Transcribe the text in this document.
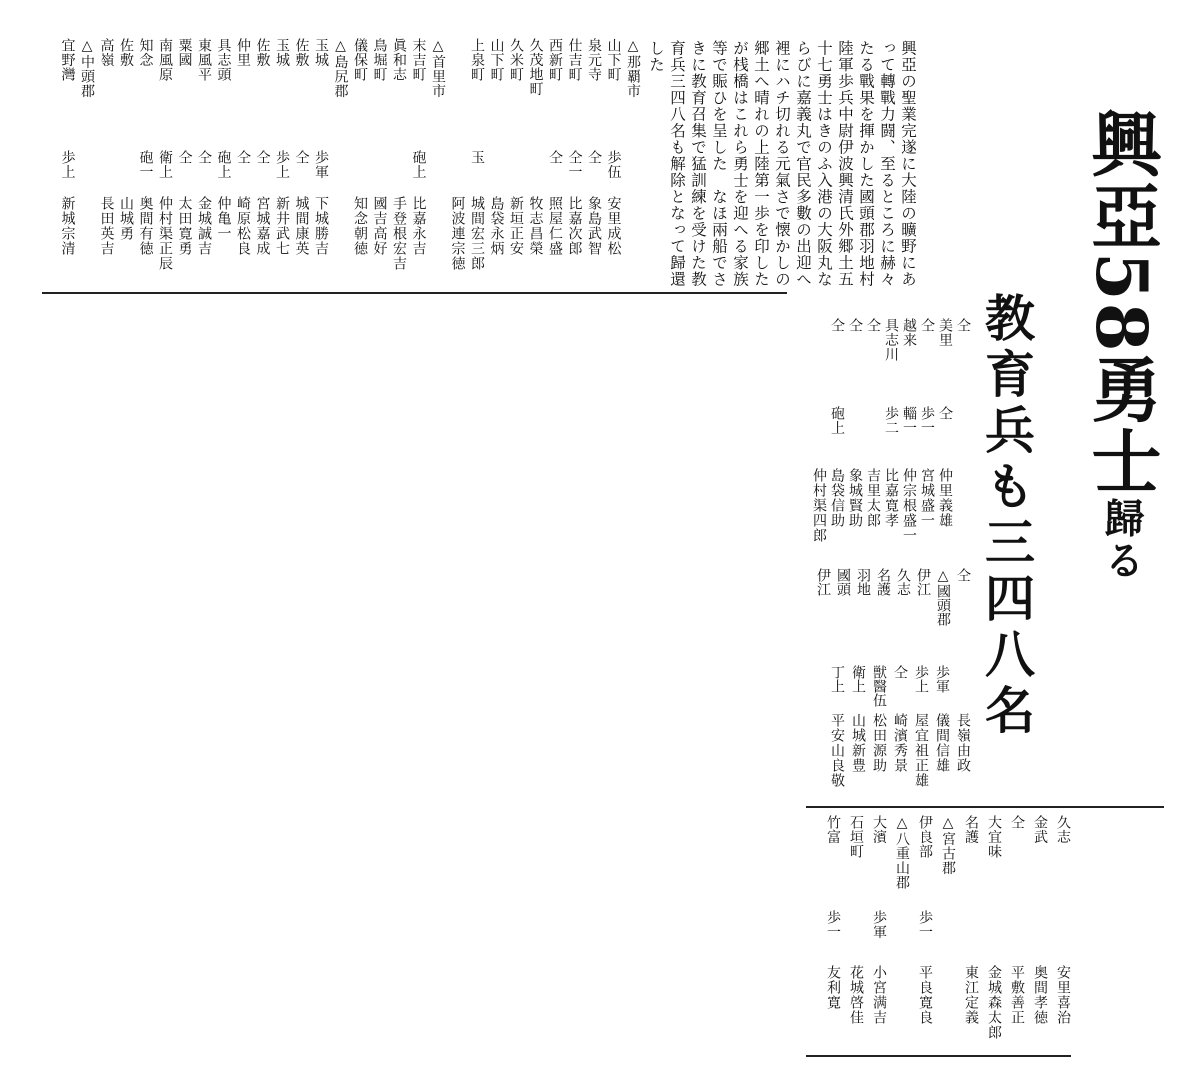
興亞58勇士歸る
教育兵も三四八名
興亞の聖業完遂に大陸の曠野にあ
って轉戰力闘、至るところに赫々
たる戰果を揮かした國頭郡羽地村
陸軍歩兵中尉伊波興清氏外郷土五
十七勇士はきのふ入港の大阪丸な
らびに嘉義丸で官民多數の出迎へ
裡にハチ切れる元氣さで懐かしの
郷土へ晴れの上陸第一歩を印した
が桟橋はこれら勇士を迎へる家族
等で賑ひを呈した　なほ兩船でさ
きに教育召集で猛訓練を受けた教
育兵三四八名も解除となって歸還
した
△那覇市
山下町
歩伍
安里成松
泉元寺
仝
象島武智
仕吉町
仝一
比嘉次郎
西新町
仝
照屋仁盛
久茂地町
牧志昌榮
久米町
新垣正安
山下町
島袋永炳
上泉町
玉
城間宏三郎
阿波連宗徳
△首里市
末吉町
砲上
比嘉永吉
眞和志
手登根宏吉
鳥堀町
國吉高好
儀保町
知念朝徳
△島尻郡
玉城
歩軍
下城勝吉
佐敷
仝
城間康英
玉城
歩上
新井武七
佐敷
仝
宮城嘉成
仲里
仝
崎原松良
具志頭
砲上
仲亀一
東風平
仝
金城誠吉
粟國
仝
太田寛勇
南風原
衛上
仲村渠正辰
知念
砲一
奥間有徳
佐敷
山城勇
高嶺
長田英吉
△中頭郡
宜野灣
歩上
新城宗清
仝
美里
仝
仲里義雄
仝
歩一
宮城盛一
越来
輜一
仲宗根盛一
具志川
歩二
比嘉寛孝
仝
吉里太郎
仝
象城賢助
仝
砲上
島袋信助
仲村渠四郎
仝
△國頭郡
伊江
久志
名護
羽地
國頭
伊江
長嶺由政
歩軍
儀間信雄
歩上
屋宜祖正雄
仝
崎濱秀景
獣醫伍
松田源助
衛上
山城新豊
丁上
平安山良敬
久志
安里喜治
金武
奥間孝徳
仝
平敷善正
大宜味
金城森太郎
名護
東江定義
△宮古郡
伊良部
歩一
平良寛良
△八重山郡
大濱
歩軍
小宮满吉
石垣町
花城啓佳
竹富
歩一
友利寛
